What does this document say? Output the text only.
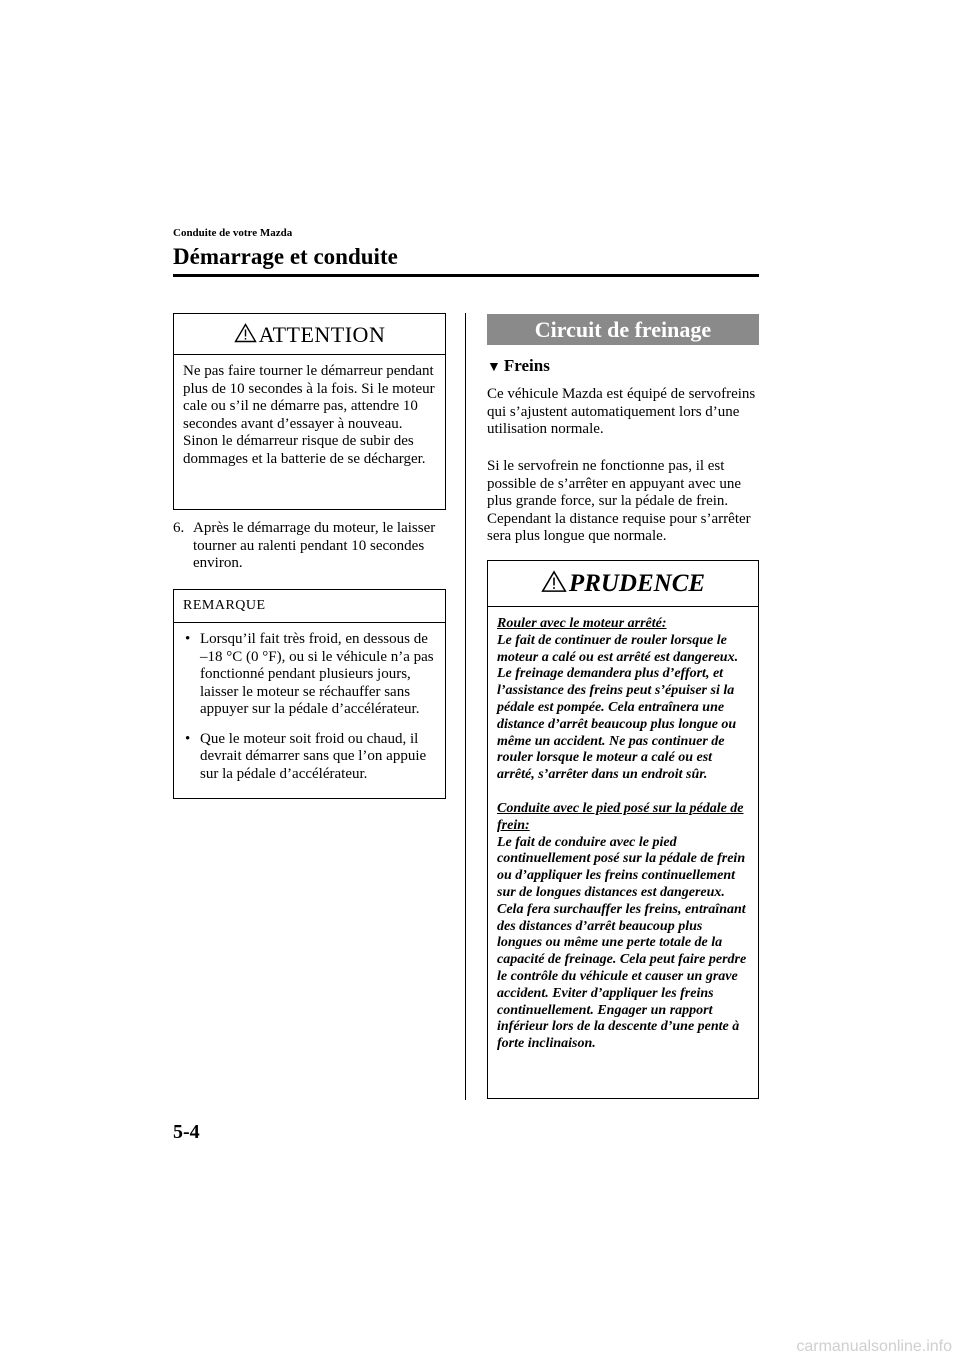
Conduite de votre Mazda
Démarrage et conduite
ATTENTION
Ne pas faire tourner le démarreur pendant plus de 10 secondes à la fois. Si le moteur cale ou s’il ne démarre pas, attendre 10 secondes avant d’essayer à nouveau. Sinon le démarreur risque de subir des dommages et la batterie de se décharger.
6. Après le démarrage du moteur, le laisser tourner au ralenti pendant 10 secondes environ.
REMARQUE
• Lorsqu’il fait très froid, en dessous de –18 °C (0 °F), ou si le véhicule n’a pas fonctionné pendant plusieurs jours, laisser le moteur se réchauffer sans appuyer sur la pédale d’accélérateur.
• Que le moteur soit froid ou chaud, il devrait démarrer sans que l’on appuie sur la pédale d’accélérateur.
Circuit de freinage
▼ Freins
Ce véhicule Mazda est équipé de servofreins qui s’ajustent automatiquement lors d’une utilisation normale.
Si le servofrein ne fonctionne pas, il est possible de s’arrêter en appuyant avec une plus grande force, sur la pédale de frein. Cependant la distance requise pour s’arrêter sera plus longue que normale.
PRUDENCE
Rouler avec le moteur arrêté:
Le fait de continuer de rouler lorsque le moteur a calé ou est arrêté est dangereux. Le freinage demandera plus d’effort, et l’assistance des freins peut s’épuiser si la pédale est pompée. Cela entraînera une distance d’arrêt beaucoup plus longue ou même un accident. Ne pas continuer de rouler lorsque le moteur a calé ou est arrêté, s’arrêter dans un endroit sûr.
Conduite avec le pied posé sur la pédale de frein:
Le fait de conduire avec le pied continuellement posé sur la pédale de frein ou d’appliquer les freins continuellement sur de longues distances est dangereux. Cela fera surchauffer les freins, entraînant des distances d’arrêt beaucoup plus longues ou même une perte totale de la capacité de freinage. Cela peut faire perdre le contrôle du véhicule et causer un grave accident. Eviter d’appliquer les freins continuellement. Engager un rapport inférieur lors de la descente d’une pente à forte inclinaison.
5-4
carmanualsonline.info
